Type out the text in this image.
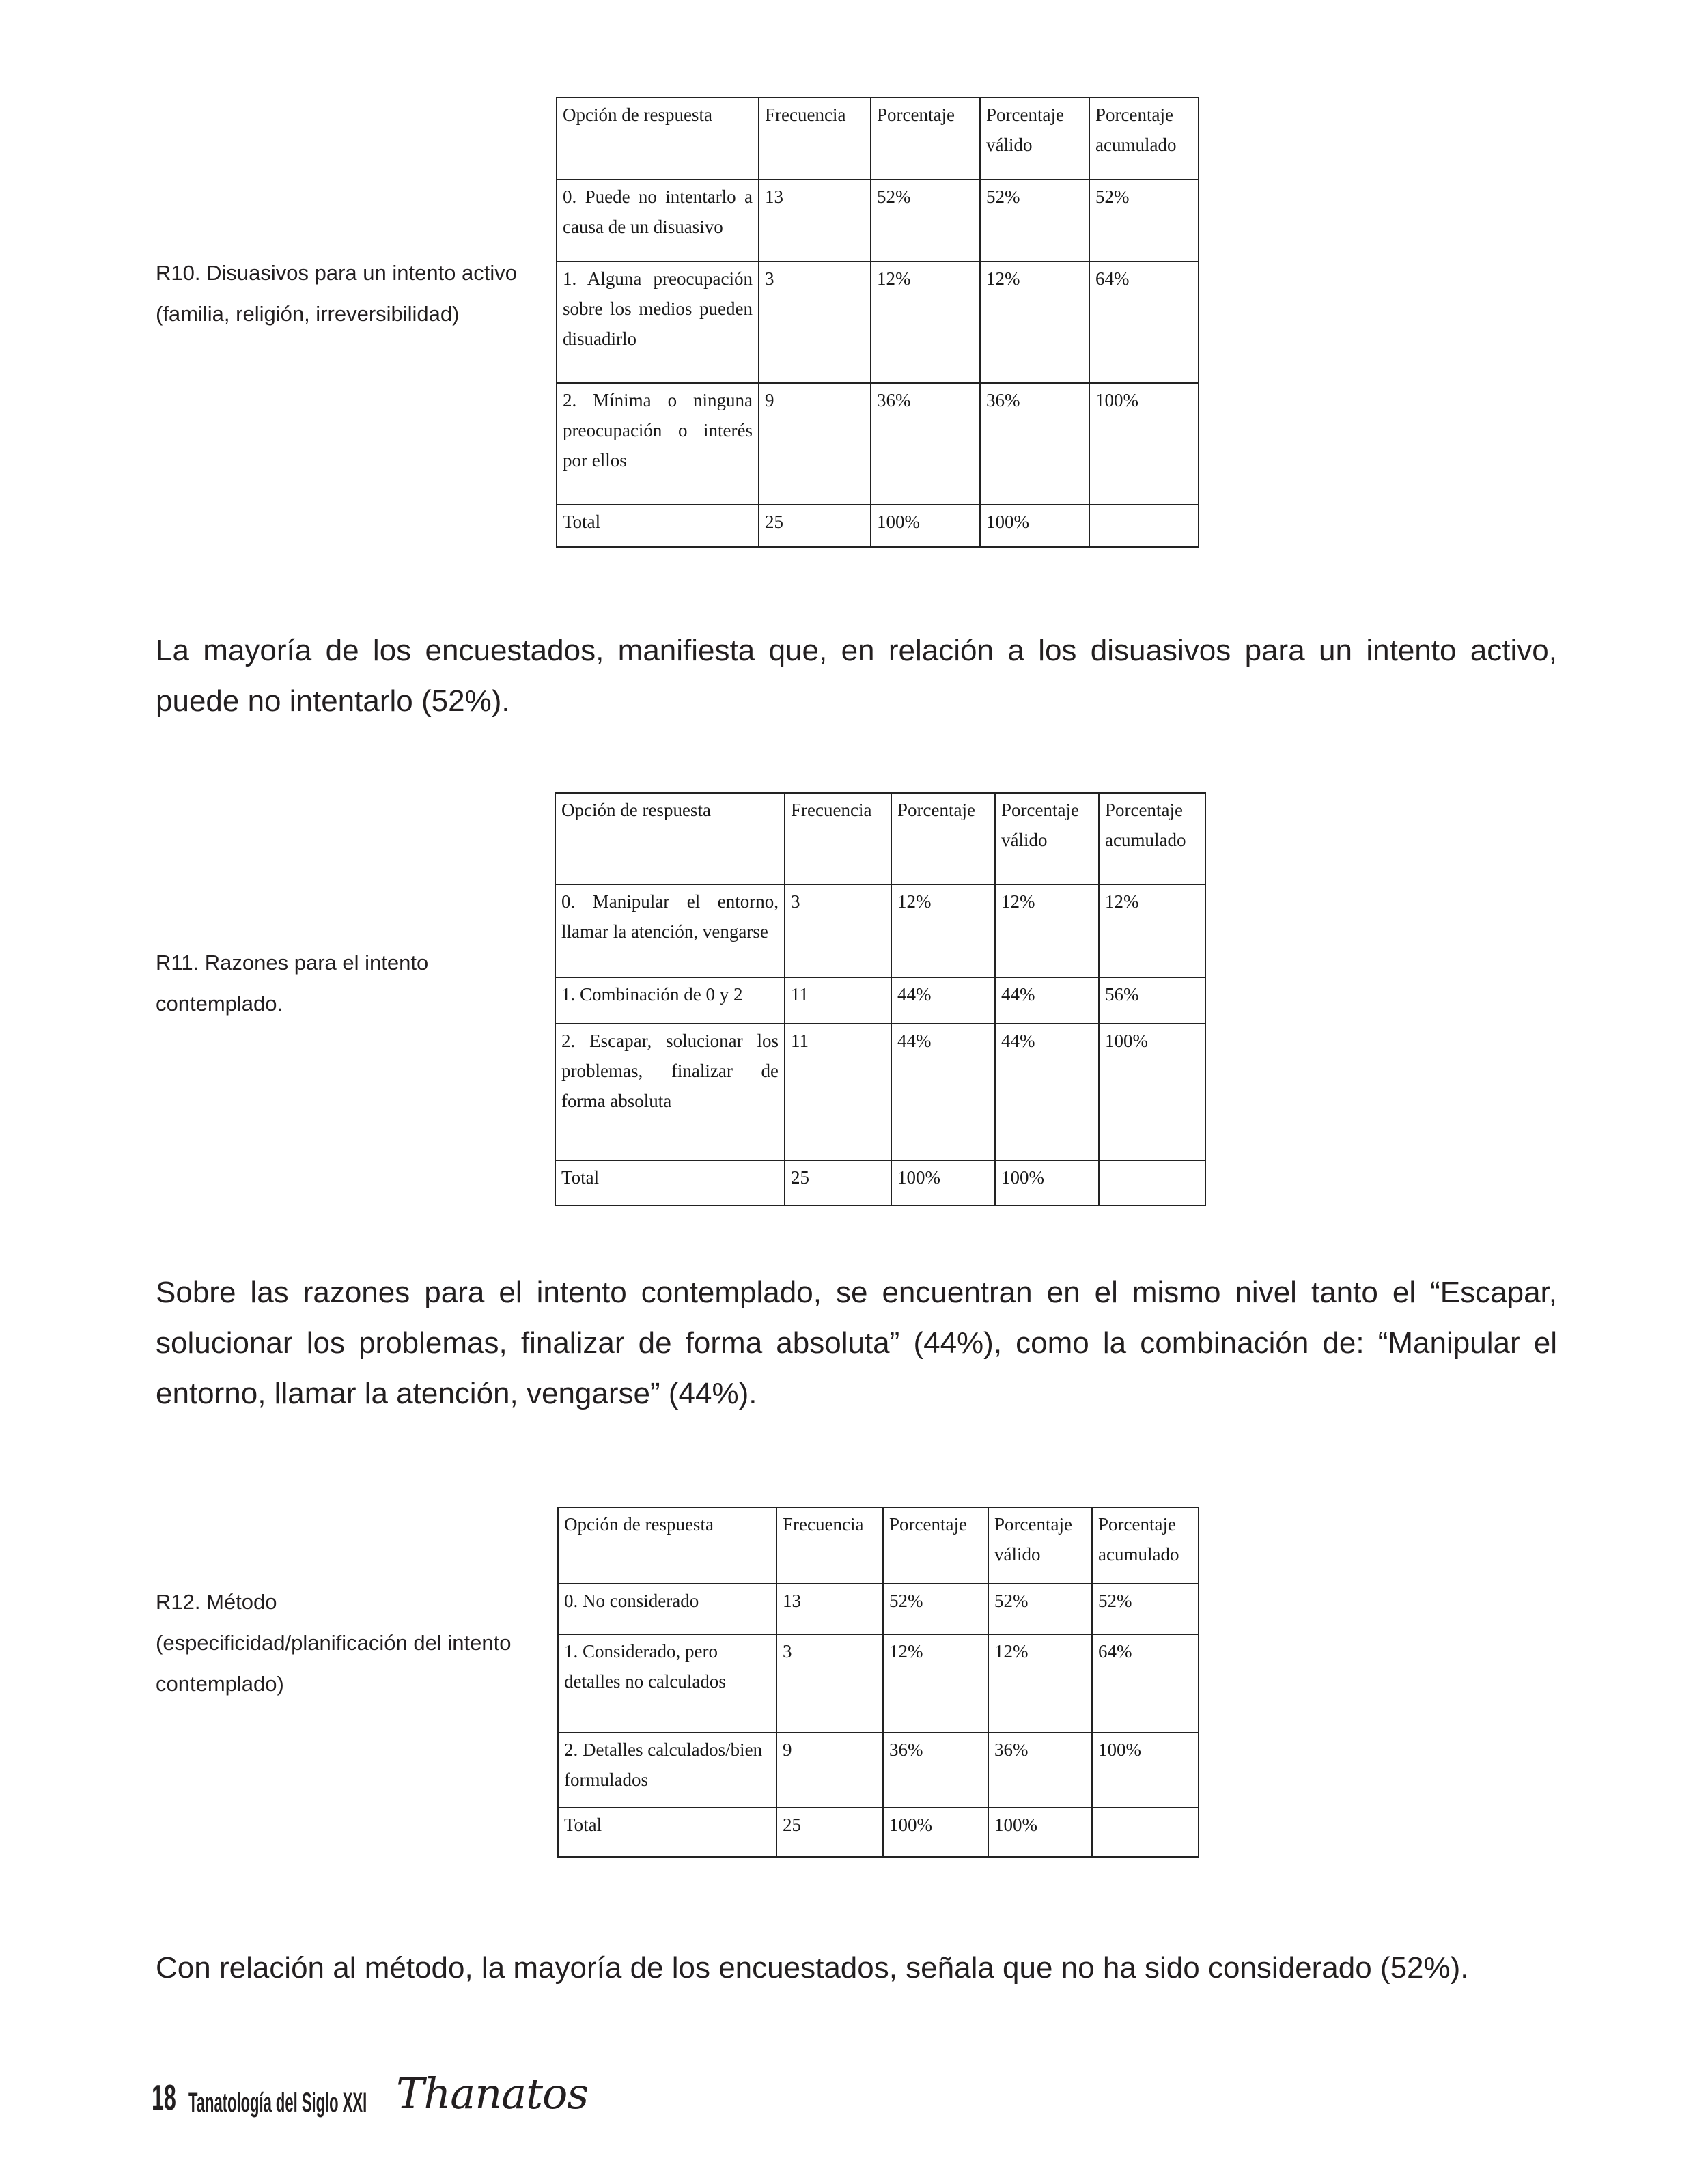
R10. Disuasivos para un intento activo
(familia, religión, irreversibilidad)
Opción de respuesta	Frecuencia	Porcentaje	Porcentaje válido	Porcentaje acumulado
0. Puede no intentarlo a causa de un disuasivo	13	52%	52%	52%
1. Alguna preocupación sobre los medios pueden disuadirlo	3	12%	12%	64%
2. Mínima o ninguna preocupación o interés por ellos	9	36%	36%	100%
Total	25	100%	100%	

La mayoría de los encuestados, manifiesta que, en relación a los disuasivos para un intento activo, puede no intentarlo (52%).

R11. Razones para el intento
contemplado.
Opción de respuesta	Frecuencia	Porcentaje	Porcentaje válido	Porcentaje acumulado
0. Manipular el entorno, llamar la atención, vengarse	3	12%	12%	12%
1. Combinación de 0 y 2	11	44%	44%	56%
2. Escapar, solucionar los problemas, finalizar de forma absoluta	11	44%	44%	100%
Total	25	100%	100%	

Sobre las razones para el intento contemplado, se encuentran en el mismo nivel tanto el “Escapar, solucionar los problemas, finalizar de forma absoluta” (44%), como la combinación de: “Manipular el entorno, llamar la atención, vengarse” (44%).

R12. Método
(especificidad/planificación del intento
contemplado)
Opción de respuesta	Frecuencia	Porcentaje	Porcentaje válido	Porcentaje acumulado
0. No considerado	13	52%	52%	52%
1. Considerado, pero detalles no calculados	3	12%	12%	64%
2. Detalles calculados/bien formulados	9	36%	36%	100%
Total	25	100%	100%	

Con relación al método, la mayoría de los encuestados, señala que no ha sido considerado (52%).

18 Tanatología del Siglo XXI Thanatos
